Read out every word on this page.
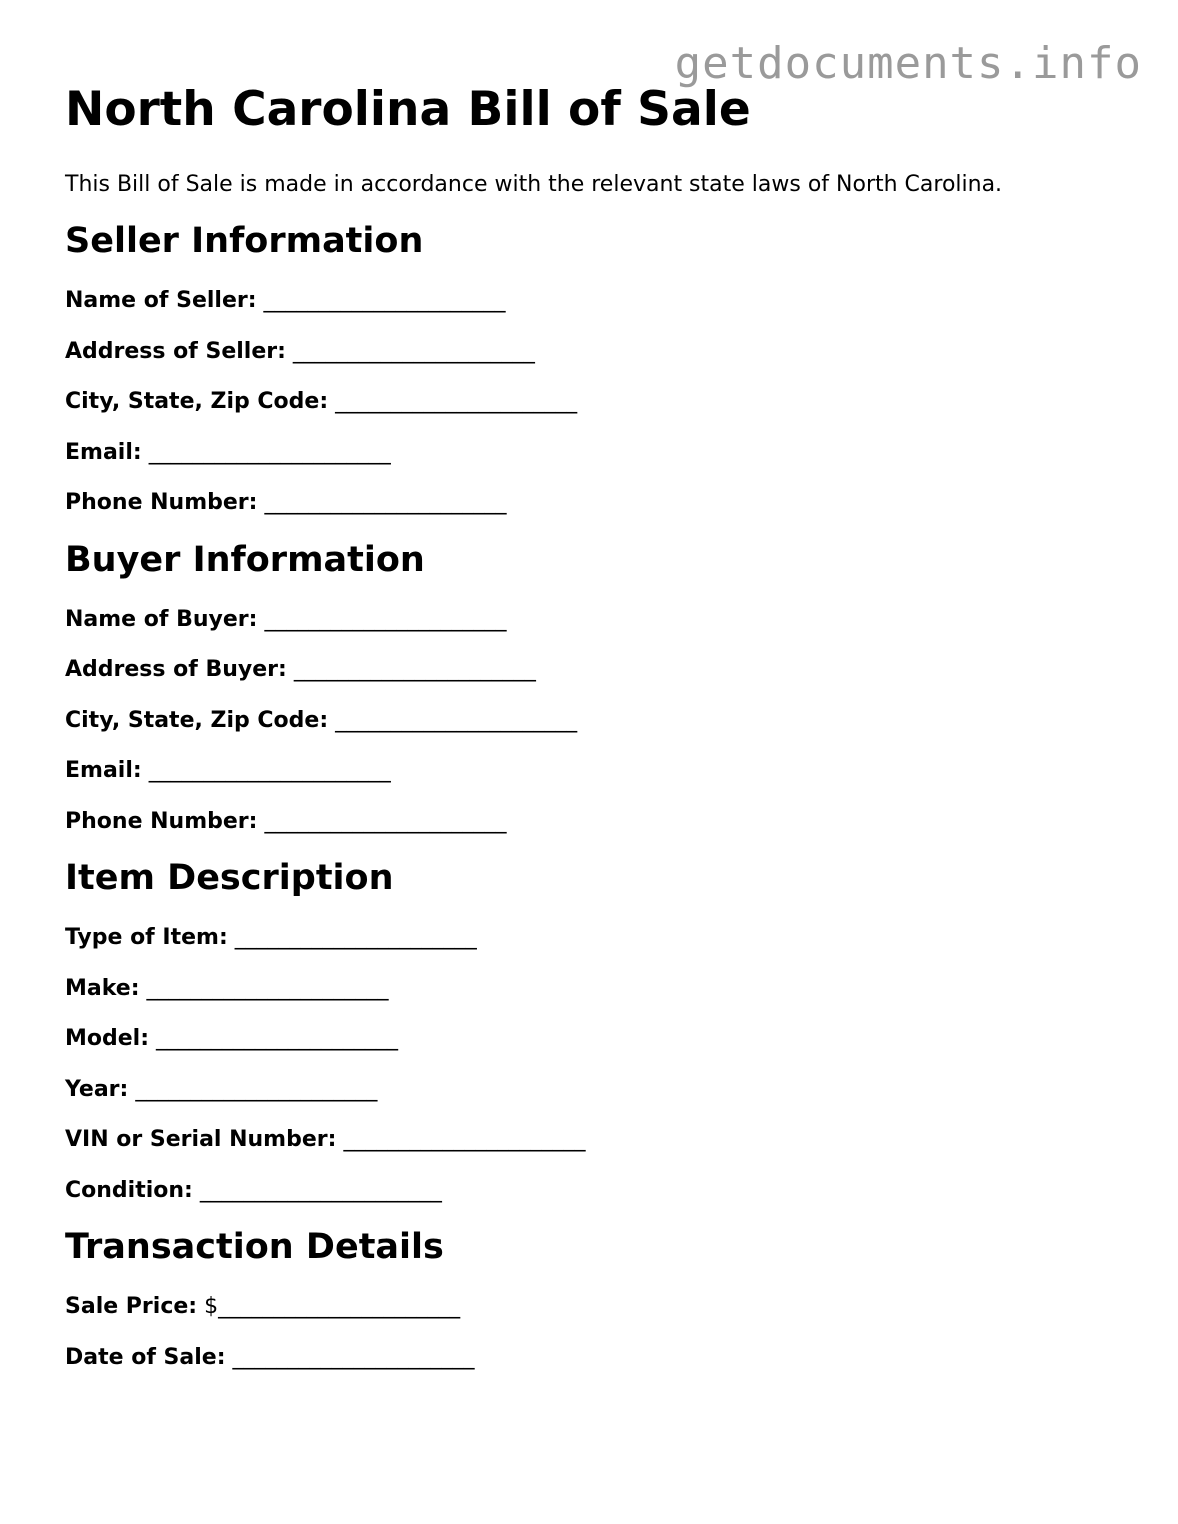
getdocuments.info
North Carolina Bill of Sale

This Bill of Sale is made in accordance with the relevant state laws of North Carolina.

Seller Information
Name of Seller: ______________________
Address of Seller: ______________________
City, State, Zip Code: ______________________
Email: ______________________
Phone Number: ______________________
Buyer Information
Name of Buyer: ______________________
Address of Buyer: ______________________
City, State, Zip Code: ______________________
Email: ______________________
Phone Number: ______________________
Item Description
Type of Item: ______________________
Make: ______________________
Model: ______________________
Year: ______________________
VIN or Serial Number: ______________________
Condition: ______________________
Transaction Details
Sale Price: $______________________
Date of Sale: ______________________
